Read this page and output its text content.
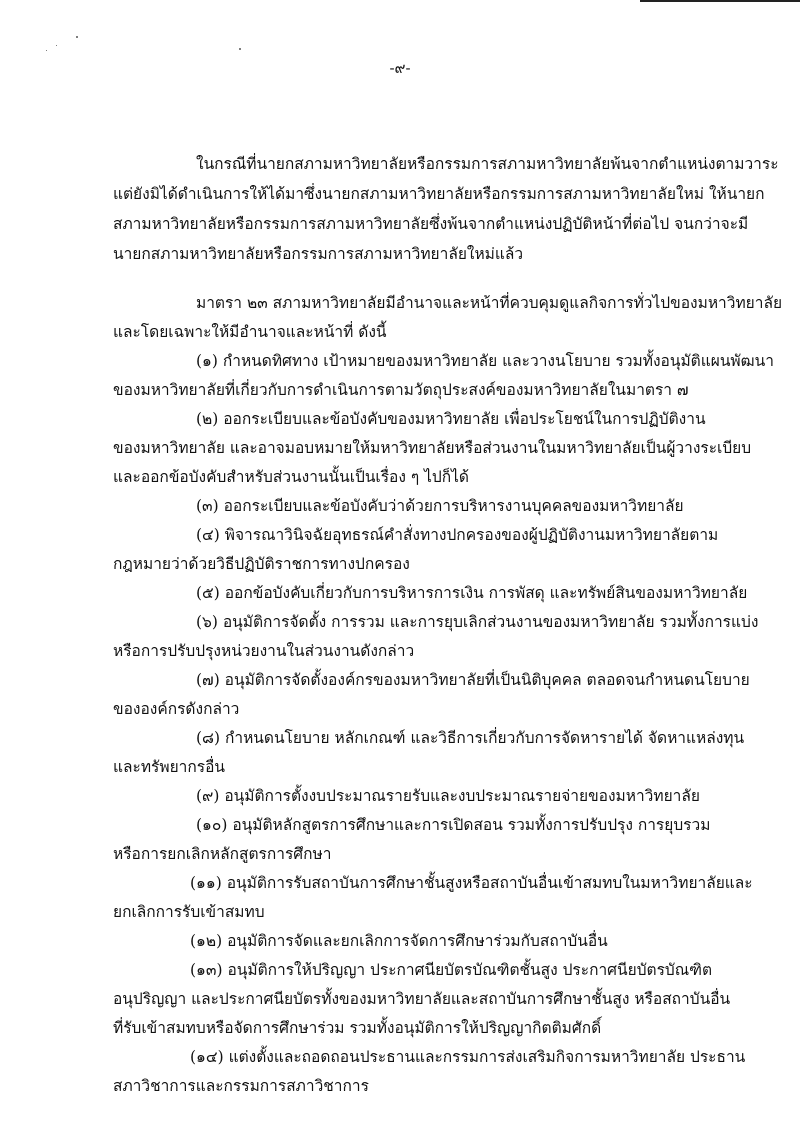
-๙-
ในกรณีที่นายกสภามหาวิทยาลัยหรือกรรมการสภามหาวิทยาลัยพ้นจากตำแหน่งตามวาระ
แต่ยังมิได้ดำเนินการให้ได้มาซึ่งนายกสภามหาวิทยาลัยหรือกรรมการสภามหาวิทยาลัยใหม่ ให้นายก
สภามหาวิทยาลัยหรือกรรมการสภามหาวิทยาลัยซึ่งพ้นจากตำแหน่งปฏิบัติหน้าที่ต่อไป จนกว่าจะมี
นายกสภามหาวิทยาลัยหรือกรรมการสภามหาวิทยาลัยใหม่แล้ว
มาตรา ๒๓ สภามหาวิทยาลัยมีอำนาจและหน้าที่ควบคุมดูแลกิจการทั่วไปของมหาวิทยาลัย
และโดยเฉพาะให้มีอำนาจและหน้าที่ ดังนี้
(๑) กำหนดทิศทาง เป้าหมายของมหาวิทยาลัย และวางนโยบาย รวมทั้งอนุมัติแผนพัฒนา
ของมหาวิทยาลัยที่เกี่ยวกับการดำเนินการตามวัตถุประสงค์ของมหาวิทยาลัยในมาตรา ๗
(๒) ออกระเบียบและข้อบังคับของมหาวิทยาลัย เพื่อประโยชน์ในการปฏิบัติงาน
ของมหาวิทยาลัย และอาจมอบหมายให้มหาวิทยาลัยหรือส่วนงานในมหาวิทยาลัยเป็นผู้วางระเบียบ
และออกข้อบังคับสำหรับส่วนงานนั้นเป็นเรื่อง ๆ ไปก็ได้
(๓) ออกระเบียบและข้อบังคับว่าด้วยการบริหารงานบุคคลของมหาวิทยาลัย
(๔) พิจารณาวินิจฉัยอุทธรณ์คำสั่งทางปกครองของผู้ปฏิบัติงานมหาวิทยาลัยตาม
กฎหมายว่าด้วยวิธีปฏิบัติราชการทางปกครอง
(๕) ออกข้อบังคับเกี่ยวกับการบริหารการเงิน การพัสดุ และทรัพย์สินของมหาวิทยาลัย
(๖) อนุมัติการจัดตั้ง การรวม และการยุบเลิกส่วนงานของมหาวิทยาลัย รวมทั้งการแบ่ง
หรือการปรับปรุงหน่วยงานในส่วนงานดังกล่าว
(๗) อนุมัติการจัดตั้งองค์กรของมหาวิทยาลัยที่เป็นนิติบุคคล ตลอดจนกำหนดนโยบาย
ขององค์กรดังกล่าว
(๘) กำหนดนโยบาย หลักเกณฑ์ และวิธีการเกี่ยวกับการจัดหารายได้ จัดหาแหล่งทุน
และทรัพยากรอื่น
(๙) อนุมัติการตั้งงบประมาณรายรับและงบประมาณรายจ่ายของมหาวิทยาลัย
(๑๐) อนุมัติหลักสูตรการศึกษาและการเปิดสอน รวมทั้งการปรับปรุง การยุบรวม
หรือการยกเลิกหลักสูตรการศึกษา
(๑๑) อนุมัติการรับสถาบันการศึกษาชั้นสูงหรือสถาบันอื่นเข้าสมทบในมหาวิทยาลัยและ
ยกเลิกการรับเข้าสมทบ
(๑๒) อนุมัติการจัดและยกเลิกการจัดการศึกษาร่วมกับสถาบันอื่น
(๑๓) อนุมัติการให้ปริญญา ประกาศนียบัตรบัณฑิตชั้นสูง ประกาศนียบัตรบัณฑิต
อนุปริญญา และประกาศนียบัตรทั้งของมหาวิทยาลัยและสถาบันการศึกษาชั้นสูง หรือสถาบันอื่น
ที่รับเข้าสมทบหรือจัดการศึกษาร่วม รวมทั้งอนุมัติการให้ปริญญากิตติมศักดิ์
(๑๔) แต่งตั้งและถอดถอนประธานและกรรมการส่งเสริมกิจการมหาวิทยาลัย ประธาน
สภาวิชาการและกรรมการสภาวิชาการ
